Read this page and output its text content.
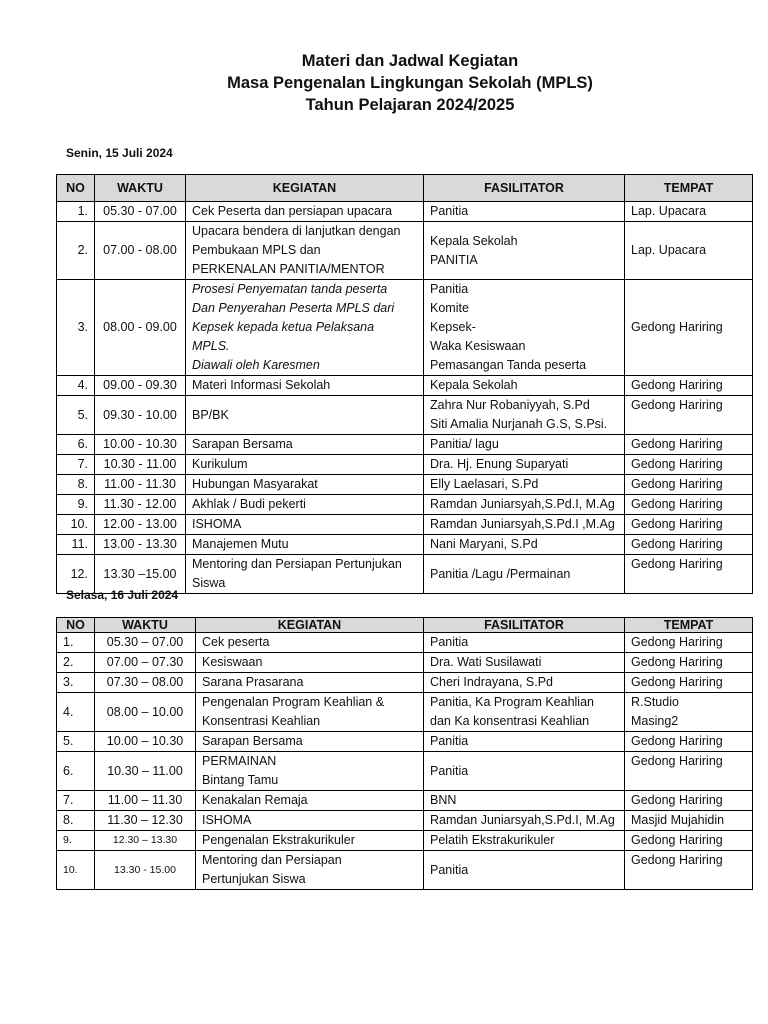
Materi dan Jadwal Kegiatan
Masa Pengenalan Lingkungan Sekolah (MPLS)
Tahun Pelajaran 2024/2025
Senin, 15 Juli 2024
NO	WAKTU	KEGIATAN	FASILITATOR	TEMPAT
1.	05.30 - 07.00	Cek Peserta dan persiapan upacara	Panitia	Lap. Upacara

2.	07.00 - 08.00	Upacara bendera di lanjutkan dengan
Pembukaan MPLS dan
PERKENALAN PANITIA/MENTOR	Kepala Sekolah
PANITIA	Lap. Upacara

3.	08.00 - 09.00	Prosesi Penyematan tanda peserta
Dan Penyerahan Peserta MPLS dari
Kepsek kepada ketua Pelaksana
MPLS.
Diawali oleh Karesmen	Panitia
Komite
Kepsek-
Waka Kesiswaan
Pemasangan Tanda peserta	Gedong Hariring

4.	09.00 - 09.30	Materi Informasi Sekolah	Kepala Sekolah	Gedong Hariring

5.	09.30 - 10.00	BP/BK	Zahra Nur Robaniyyah, S.Pd
Siti Amalia Nurjanah G.S, S.Psi.	Gedong Hariring

6.	10.00 - 10.30	Sarapan Bersama	Panitia/ lagu	Gedong Hariring

7.	10.30 - 11.00	Kurikulum	Dra. Hj. Enung Suparyati	Gedong Hariring

8.	11.00 - 11.30	Hubungan Masyarakat	Elly Laelasari, S.Pd	Gedong Hariring

9.	11.30 - 12.00	Akhlak / Budi pekerti	Ramdan Juniarsyah,S.Pd.I, M.Ag	Gedong Hariring

10.	12.00 - 13.00	ISHOMA	Ramdan Juniarsyah,S.Pd.I ,M.Ag	Gedong Hariring

11.	13.00 - 13.30	Manajemen Mutu	Nani Maryani, S.Pd	Gedong Hariring

12.	13.30 –15.00	Mentoring dan Persiapan Pertunjukan
Siswa	Panitia /Lagu /Permainan	Gedong Hariring
Selasa, 16 Juli 2024
NO	WAKTU	KEGIATAN	FASILITATOR	TEMPAT
1.	05.30 – 07.00	Cek peserta	Panitia	Gedong Hariring

2.	07.00 – 07.30	Kesiswaan	Dra. Wati Susilawati	Gedong Hariring

3.	07.30 – 08.00	Sarana Prasarana	Cheri Indrayana, S.Pd	Gedong Hariring

4.	08.00 – 10.00	Pengenalan Program Keahlian &
Konsentrasi Keahlian	Panitia, Ka Program Keahlian
dan Ka konsentrasi Keahlian	R.Studio
Masing2

5.	10.00 – 10.30	Sarapan Bersama	Panitia	Gedong Hariring

6.	10.30 – 11.00	PERMAINAN
Bintang Tamu	Panitia	Gedong Hariring

7.	11.00 – 11.30	Kenakalan Remaja	BNN	Gedong Hariring

8.	11.30 – 12.30	ISHOMA	Ramdan Juniarsyah,S.Pd.I, M.Ag	Masjid Mujahidin

9.	12.30 – 13.30	Pengenalan Ekstrakurikuler	Pelatih Ekstrakurikuler	Gedong Hariring

10.	13.30 - 15.00	Mentoring dan Persiapan
Pertunjukan Siswa	Panitia	Gedong Hariring
